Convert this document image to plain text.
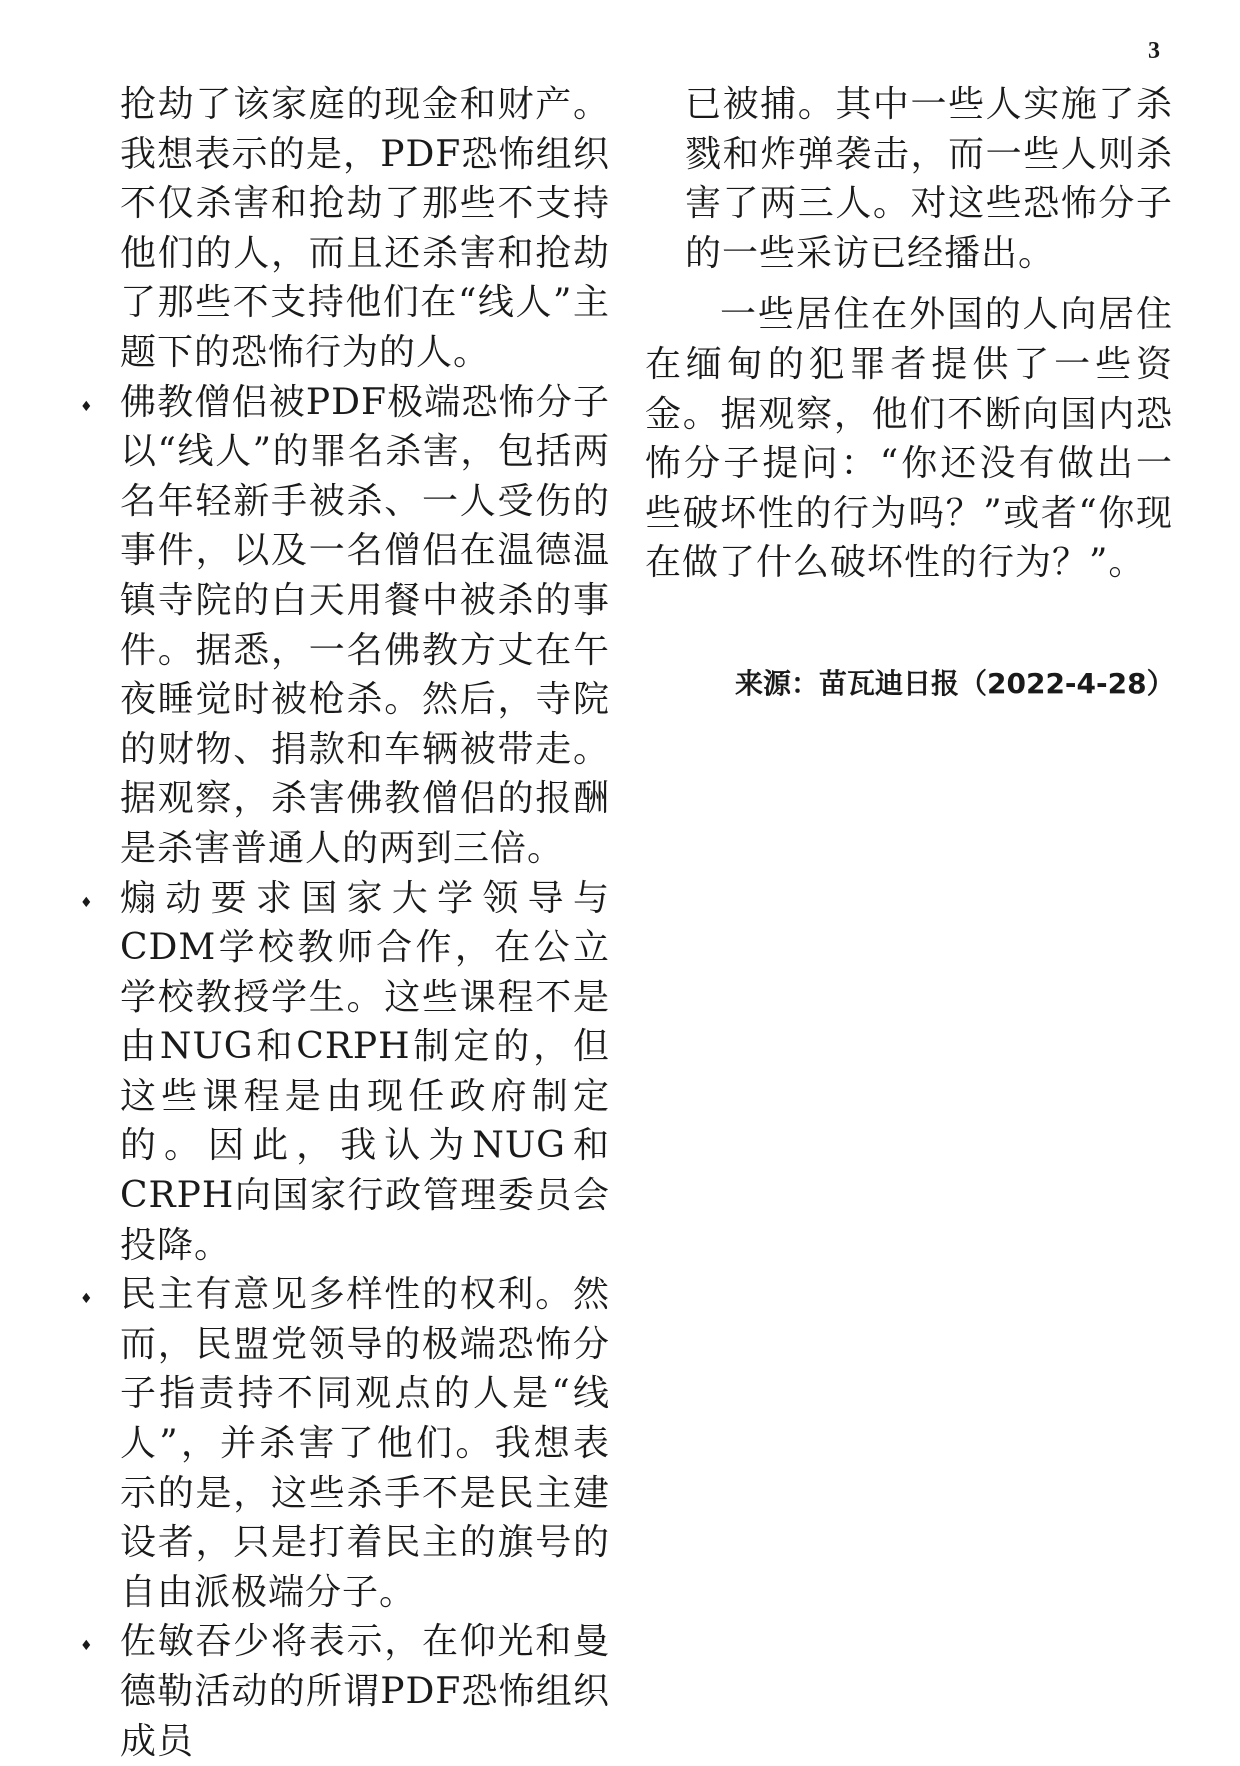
3

抢劫了该家庭的现金和财产。我想表示的是，PDF恐怖组织不仅杀害和抢劫了那些不支持他们的人，而且还杀害和抢劫了那些不支持他们在“线人”主题下的恐怖行为的人。

♦ 佛教僧侣被PDF极端恐怖分子以“线人”的罪名杀害，包括两名年轻新手被杀、一人受伤的事件，以及一名僧侣在温德温镇寺院的白天用餐中被杀的事件。据悉，一名佛教方丈在午夜睡觉时被枪杀。然后，寺院的财物、捐款和车辆被带走。据观察，杀害佛教僧侣的报酬是杀害普通人的两到三倍。

♦ 煽动要求国家大学领导与CDM学校教师合作，在公立学校教授学生。这些课程不是由NUG和CRPH制定的，但这些课程是由现任政府制定的。因此，我认为NUG和CRPH向国家行政管理委员会投降。

♦ 民主有意见多样性的权利。然而，民盟党领导的极端恐怖分子指责持不同观点的人是“线人”，并杀害了他们。我想表示的是，这些杀手不是民主建设者，只是打着民主的旗号的自由派极端分子。

♦ 佐敏吞少将表示，在仰光和曼德勒活动的所谓PDF恐怖组织成员

已被捕。其中一些人实施了杀戮和炸弹袭击，而一些人则杀害了两三人。对这些恐怖分子的一些采访已经播出。

一些居住在外国的人向居住在缅甸的犯罪者提供了一些资金。据观察，他们不断向国内恐怖分子提问：“你还没有做出一些破坏性的行为吗？”或者“你现在做了什么破坏性的行为？”。

来源：苗瓦迪日报（2022-4-28）
